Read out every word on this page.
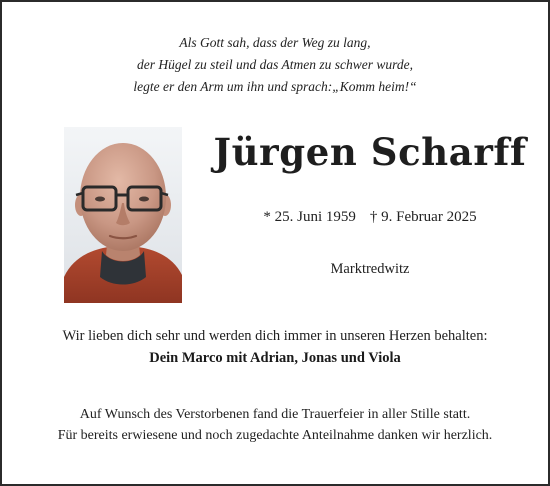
Als Gott sah, dass der Weg zu lang,
der Hügel zu steil und das Atmen zu schwer wurde,
legte er den Arm um ihn und sprach:„Komm heim!“
Jürgen Scharff
* 25. Juni 1959 † 9. Februar 2025
Marktredwitz
Wir lieben dich sehr und werden dich immer in unseren Herzen behalten:
Dein Marco mit Adrian, Jonas und Viola
Auf Wunsch des Verstorbenen fand die Trauerfeier in aller Stille statt.
Für bereits erwiesene und noch zugedachte Anteilnahme danken wir herzlich.
